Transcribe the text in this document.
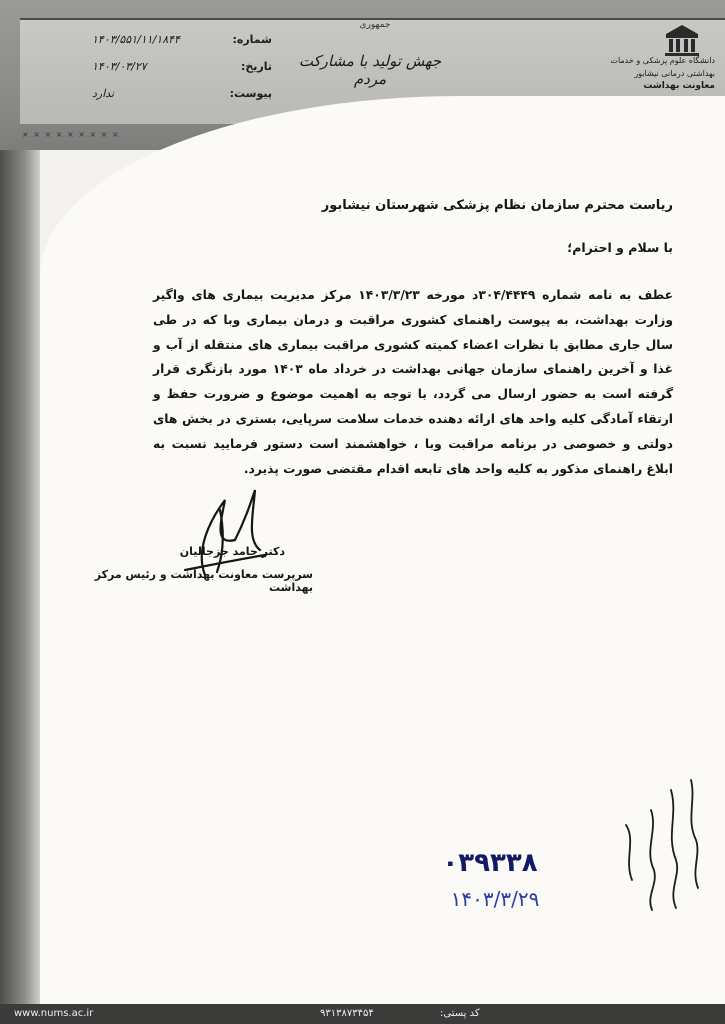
شماره:
۱۴۰۳/۵۵۱/۱۱/۱۸۴۴
تاریخ:
۱۴۰۳/۰۳/۲۷
پیوست:
ندارد
جمهوری
جهش تولید با مشارکت مردم
دانشگاه علوم پزشکی و خدمات بهداشتی درمانی نیشابور
معاونت بهداشت
× × × × × × × × ×
ریاست محترم سازمان نظام پزشکی شهرستان نیشابور
با سلام و احترام؛
عطف به نامه شماره ۳۰۴/۴۴۴۹د مورخه ۱۴۰۳/۳/۲۳ مرکز مدیریت بیماری های واگیر وزارت بهداشت، به پیوست راهنمای کشوری مراقبت و درمان بیماری وبا که در طی سال جاری مطابق با نظرات اعضاء کمیته کشوری مراقبت بیماری های منتقله از آب و غذا و آخرین راهنمای سازمان جهانی بهداشت در خرداد ماه ۱۴۰۳ مورد بازنگری قرار گرفته است به حضور ارسال می گردد، با توجه به اهمیت موضوع و ضرورت حفظ و ارتقاء آمادگی کلیه واحد های ارائه دهنده خدمات سلامت سرپایی، بستری در بخش های دولتی و خصوصی در برنامه مراقبت وبا ، خواهشمند است دستور فرمایید نسبت به ابلاغ راهنمای مذکور به کلیه واحد های تابعه اقدام مقتضی صورت پذیرد.
دکتر حامد جزجالیان
سرپرست معاونت بهداشت و رئیس مرکز بهداشت
۰۳۹۳۳۸
۱۴۰۳/۳/۲۹
www.nums.ac.ir	۹۳۱۳۸۷۳۴۵۴	کد پستی:
